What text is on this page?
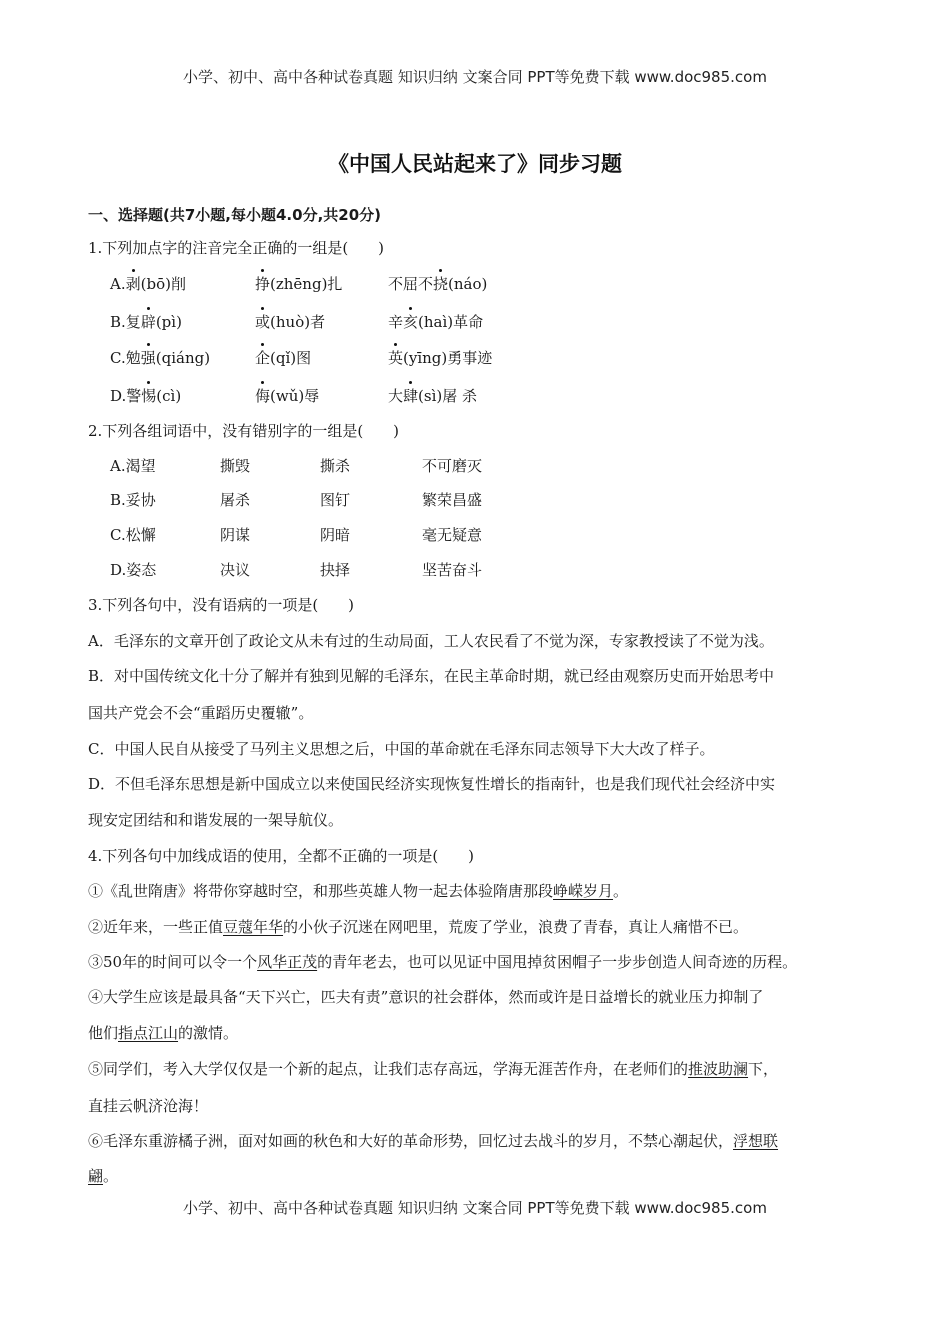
小学、初中、高中各种试卷真题 知识归纳 文案合同 PPT等免费下载 www.doc985.com
《中国人民站起来了》同步习题
一、选择题(共7小题,每小题4.0分,共20分)
1.下列加点字的注音完全正确的一组是(　　)
A.剥(bō)削	挣(zhēng)扎	不屈不挠(náo)
B.复辟(pì)	或(huò)者	辛亥(haì)革命
C.勉强(qiáng)	企(qǐ)图	英(yīng)勇事迹
D.警惕(cì)	侮(wǔ)辱	大肆(sì)屠 杀
2.下列各组词语中，没有错别字的一组是(　　)
A.渴望	撕毁	撕杀	不可磨灭
B.妥协	屠杀	图钉	繁荣昌盛
C.松懈	阴谋	阴暗	毫无疑意
D.姿态	决议	抉择	坚苦奋斗
3.下列各句中，没有语病的一项是(　　)
A．毛泽东的文章开创了政论文从未有过的生动局面，工人农民看了不觉为深，专家教授读了不觉为浅。
B．对中国传统文化十分了解并有独到见解的毛泽东，在民主革命时期，就已经由观察历史而开始思考中
国共产党会不会“重蹈历史覆辙”。
C．中国人民自从接受了马列主义思想之后，中国的革命就在毛泽东同志领导下大大改了样子。
D．不但毛泽东思想是新中国成立以来使国民经济实现恢复性增长的指南针，也是我们现代社会经济中实
现安定团结和和谐发展的一架导航仪。
4.下列各句中加线成语的使用，全都不正确的一项是(　　)
①《乱世隋唐》将带你穿越时空，和那些英雄人物一起去体验隋唐那段峥嵘岁月。
②近年来，一些正值豆蔻年华的小伙子沉迷在网吧里，荒废了学业，浪费了青春，真让人痛惜不已。
③50年的时间可以令一个风华正茂的青年老去，也可以见证中国甩掉贫困帽子一步步创造人间奇迹的历程。
④大学生应该是最具备“天下兴亡，匹夫有责”意识的社会群体，然而或许是日益增长的就业压力抑制了
他们指点江山的激情。
⑤同学们，考入大学仅仅是一个新的起点，让我们志存高远，学海无涯苦作舟，在老师们的推波助澜下，
直挂云帆济沧海！
⑥毛泽东重游橘子洲，面对如画的秋色和大好的革命形势，回忆过去战斗的岁月，不禁心潮起伏，浮想联
翩。
小学、初中、高中各种试卷真题 知识归纳 文案合同 PPT等免费下载 www.doc985.com
